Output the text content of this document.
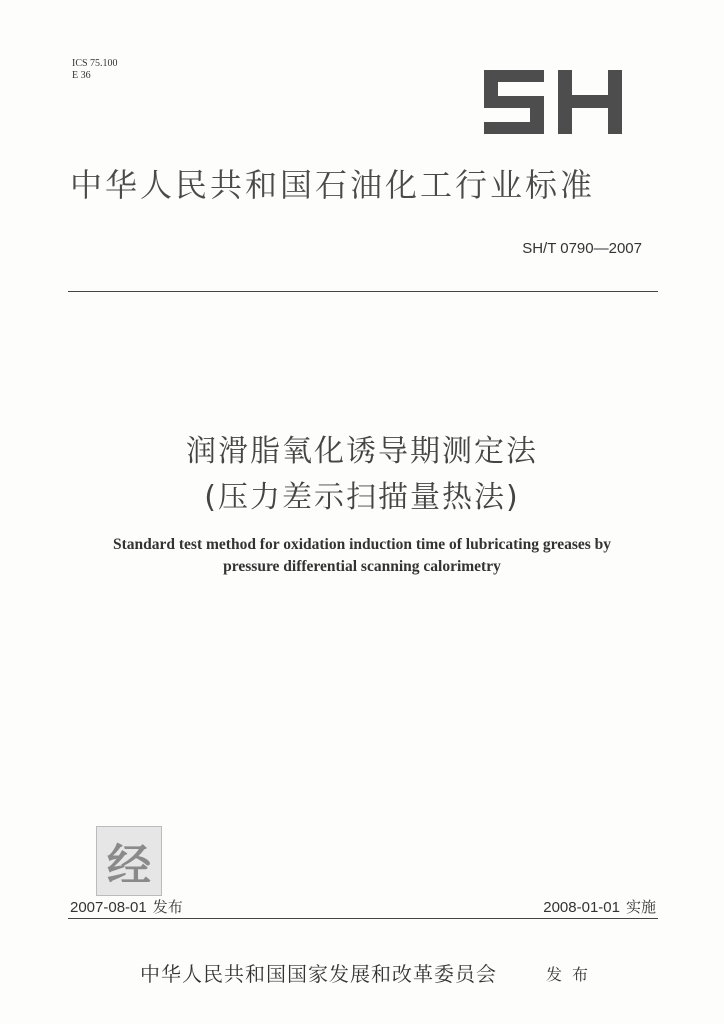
ICS 75.100
E 36
中华人民共和国石油化工行业标准
SH/T 0790—2007
润滑脂氧化诱导期测定法
(压力差示扫描量热法)
Standard test method for oxidation induction time of lubricating greases by
pressure differential scanning calorimetry
经
2007-08-01 发布	2008-01-01 实施
中华人民共和国国家发展和改革委员会	发布
